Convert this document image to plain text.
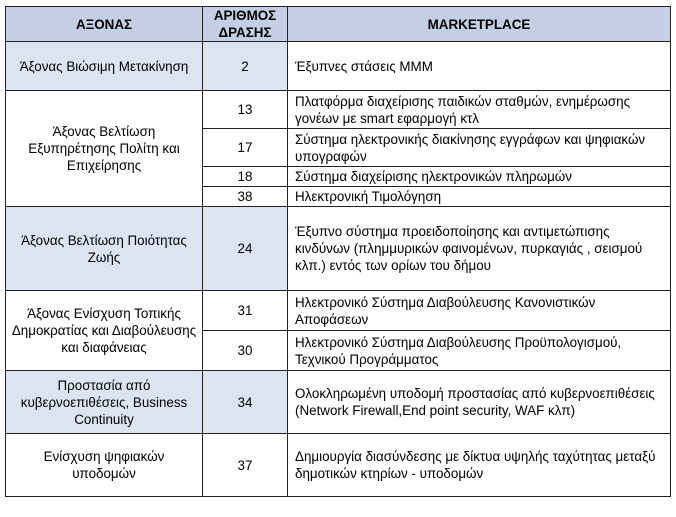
ΑΞΟΝΑΣ	ΑΡΙΘΜΟΣ ΔΡΑΣΗΣ	MARKETPLACE
Άξονας Βιώσιμη Μετακίνηση	2	Έξυπνες στάσεις ΜΜΜ
Άξονας Βελτίωση Εξυπηρέτησης Πολίτη και Επιχείρησης	13	Πλατφόρμα διαχείρισης παιδικών σταθμών, ενημέρωσης γονέων με smart εφαρμογή κτλ
	17	Σύστημα ηλεκτρονικής διακίνησης εγγράφων και ψηφιακών υπογραφών
	18	Σύστημα διαχείρισης ηλεκτρονικών πληρωμών
	38	Ηλεκτρονική Τιμολόγηση
Άξονας Βελτίωση Ποιότητας Ζωής	24	Έξυπνο σύστημα προειδοποίησης και αντιμετώπισης κινδύνων (πλημμυρικών φαινομένων, πυρκαγιάς , σεισμού κλπ.) εντός των ορίων του δήμου
Άξονας Ενίσχυση Τοπικής Δημοκρατίας και Διαβούλευσης και διαφάνειας	31	Ηλεκτρονικό Σύστημα Διαβούλευσης Κανονιστικών Αποφάσεων
	30	Ηλεκτρονικό Σύστημα Διαβούλευσης Προϋπολογισμού, Τεχνικού Προγράμματος
Προστασία από κυβερνοεπιθέσεις, Business Continuity	34	Ολοκληρωμένη υποδομή προστασίας από κυβερνοεπιθέσεις (Network Firewall,End point security, WAF κλπ)
Ενίσχυση ψηφιακών υποδομών	37	Δημιουργία διασύνδεσης με δίκτυα υψηλής ταχύτητας μεταξύ δημοτικών κτηρίων - υποδομών
